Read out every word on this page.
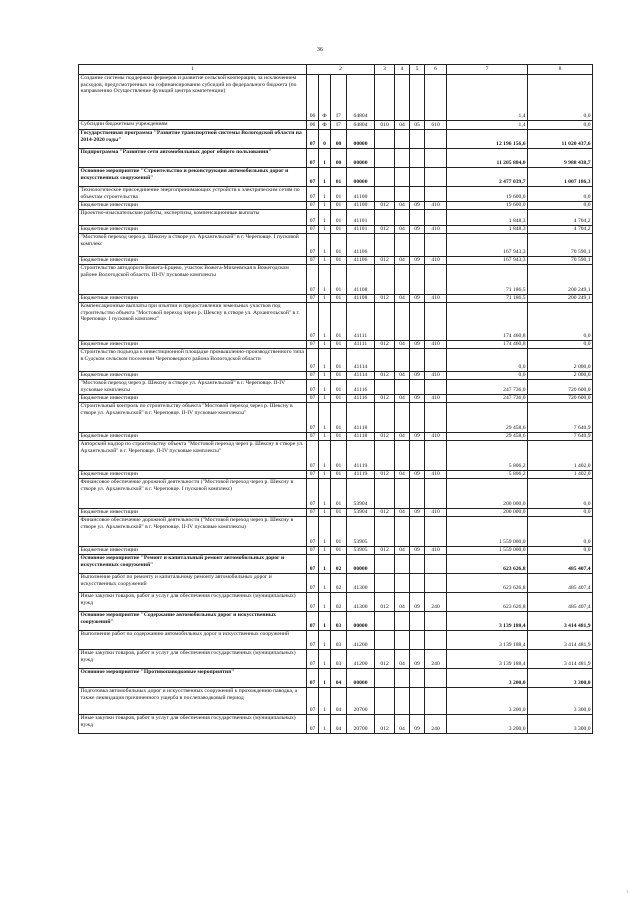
36
1	2				3	4	5	6	7	8
Создание системы поддержки фермеров и развитие сельской кооперации, за исключением расходов, предусмотренных на софинансирование субсидий из федерального бюджета (по направлению Осуществление функций центра компетенции)	06	Ф	I7	64804					1,4	0,0
Субсидии бюджетным учреждениям	06	Ф	I7	64804	010	04	05	610	1,4	0,0
Государственная программа "Развитие транспортной системы Вологодской области на 2014-2020 годы"	07	0	00	00000					12 196 156,6	11 020 437,6
Подпрограмма "Развитие сети автомобильных дорог общего пользования"	07	1	00	00000					11 205 884,0	9 988 438,7
Основное мероприятие "Строительство и реконструкция автомобильных дорог и искусственных сооружений"	07	1	01	00000					2 477 039,7	1 007 186,3
Технологическое присоединение энергопринимающих устройств к электрическим сетям по объектам строительства	07	1	01	41100					19 600,0	0,0
Бюджетные инвестиции	07	1	01	41100	012	04	09	410	19 600,0	0,0
Проектно-изыскательские работы, экспертизы, компенсационные выплаты	07	1	01	41101					1 848,3	4 704,2
Бюджетные инвестиции	07	1	01	41101	012	04	09	410	1 848,3	4 704,2
"Мостовой переход через р. Шексну в створе ул. Архангельской" в г. Череповце. I пусковой комплекс	07	1	01	41106					167 943,3	70 590,1
Бюджетные инвестиции	07	1	01	41106	012	04	09	410	167 943,3	70 590,1
Строительство автодороги Вожега-Ерцево, участок Вожега-Михеевская в Вожегодском районе Вологодской области. III-IV пусковые комплексы	07	1	01	41108					71 186,5	200 249,1
Бюджетные инвестиции	07	1	01	41108	012	04	09	410	71 186,5	200 249,1
Компенсационные выплаты при изъятии и предоставлении земельных участков под строительство объекта "Мостовой переход через р. Шексну в створе ул. Архангельской" в г. Череповце. I пусковой комплекс"	07	1	01	41111					174 460,8	0,0
Бюджетные инвестиции	07	1	01	41111	012	04	09	410	174 460,8	0,0
Строительство подъезда к инвестиционной площадке промышленно-производственного типа в Судском сельском поселении Череповецкого района Вологодской области	07	1	01	41114					0,0	2 000,0
Бюджетные инвестиции	07	1	01	41114	012	04	09	410	0,0	2 000,0
"Мостовой переход через р. Шексну в створе ул. Архангельской" в г. Череповце. II-IV пусковые комплексы	07	1	01	41116					247 736,0	720 600,0
Бюджетные инвестиции	07	1	01	41116	012	04	09	410	247 736,0	720 600,0
Строительный контроль по строительству объекта "Мостовой переход через р. Шексну в створе ул. Архангельской" в г. Череповце. II-IV пусковые комплексы"	07	1	01	41118					29 458,6	7 640,9
Бюджетные инвестиции	07	1	01	41118	012	04	09	410	29 458,6	7 640,9
Авторский надзор по строительству объекта "Мостовой переход через р. Шексну в створе ул. Архангельской" в г. Череповце. II-IV пусковые комплексы"	07	1	01	41119					5 806,2	1 402,0
Бюджетные инвестиции	07	1	01	41119	012	04	09	410	5 806,2	1 402,0
Финансовое обеспечение дорожной деятельности ("Мостовой переход через р. Шексну в створе ул. Архангельской" в г. Череповце. I пусковой комплекс)	07	1	01	53904					200 000,0	0,0
Бюджетные инвестиции	07	1	01	53904	012	04	09	410	200 000,0	0,0
Финансовое обеспечение дорожной деятельности ("Мостовой переход через р. Шексну в створе ул. Архангельской" в г. Череповце. II-IV пусковые комплексы)	07	1	01	53905					1 559 000,0	0,0
Бюджетные инвестиции	07	1	01	53905	012	04	09	410	1 559 000,0	0,0
Основное мероприятие "Ремонт и капитальный ремонт автомобильных дорог и искусственных сооружений"	07	1	02	00000					623 626,8	485 407,4
Выполнение работ по ремонту и капитальному ремонту автомобильных дорог и искусственных сооружений	07	1	02	41300					623 626,8	485 407,4
Иные закупки товаров, работ и услуг для обеспечения государственных (муниципальных) нужд	07	1	02	41300	012	04	09	240	623 626,8	485 407,4
Основное мероприятие "Содержание автомобильных дорог и искусственных сооружений"	07	1	03	00000					3 139 188,4	3 414 481,9
Выполнение работ по содержанию автомобильных дорог и искусственных сооружений	07	1	03	41200					3 139 188,4	3 414 481,9
Иные закупки товаров, работ и услуг для обеспечения государственных (муниципальных) нужд	07	1	03	41200	012	04	09	240	3 139 188,4	3 414 481,9
Основное мероприятие "Противопаводковые мероприятия"	07	1	04	00000					3 200,0	3 300,0
Подготовка автомобильных дорог и искусственных сооружений к прохождению паводка, а также ликвидация причиненного ущерба в послепаводковый период	07	1	04	20700					3 200,0	3 300,0
Иные закупки товаров, работ и услуг для обеспечения государственных (муниципальных) нужд	07	1	04	20700	012	04	09	240	3 200,0	3 300,0
ı
